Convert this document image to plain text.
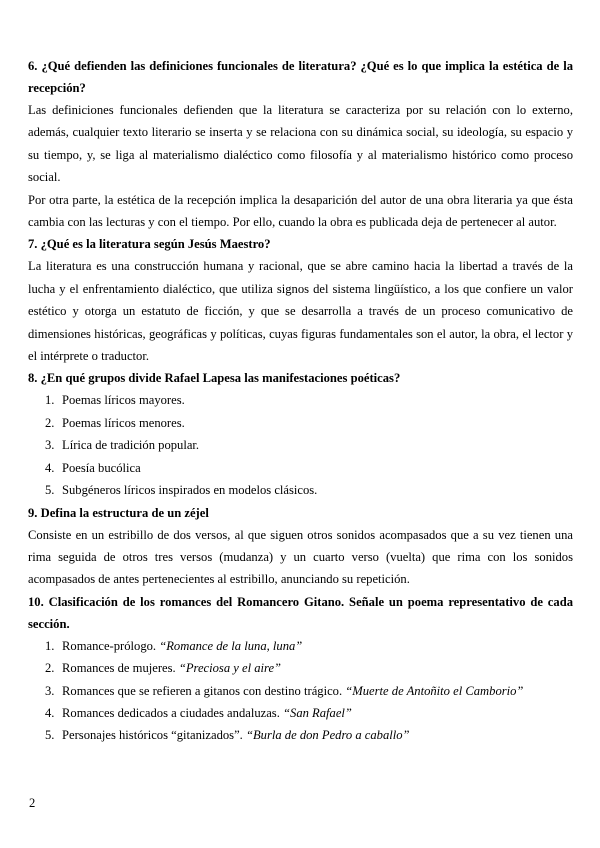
6. ¿Qué defienden las definiciones funcionales de literatura? ¿Qué es lo que implica la estética de la recepción?

Las definiciones funcionales defienden que la literatura se caracteriza por su relación con lo externo, además, cualquier texto literario se inserta y se relaciona con su dinámica social, su ideología, su espacio y su tiempo, y, se liga al materialismo dialéctico como filosofía y al materialismo histórico como proceso social.

Por otra parte, la estética de la recepción implica la desaparición del autor de una obra literaria ya que ésta cambia con las lecturas y con el tiempo. Por ello, cuando la obra es publicada deja de pertenecer al autor.

7. ¿Qué es la literatura según Jesús Maestro?

La literatura es una construcción humana y racional, que se abre camino hacia la libertad a través de la lucha y el enfrentamiento dialéctico, que utiliza signos del sistema lingüístico, a los que confiere un valor estético y otorga un estatuto de ficción, y que se desarrolla a través de un proceso comunicativo de dimensiones históricas, geográficas y políticas, cuyas figuras fundamentales son el autor, la obra, el lector y el intérprete o traductor.

8. ¿En qué grupos divide Rafael Lapesa las manifestaciones poéticas?
1. Poemas líricos mayores.
2. Poemas líricos menores.
3. Lírica de tradición popular.
4. Poesía bucólica
5. Subgéneros líricos inspirados en modelos clásicos.
9. Defina la estructura de un zéjel

Consiste en un estribillo de dos versos, al que siguen otros sonidos acompasados que a su vez tienen una rima seguida de otros tres versos (mudanza) y un cuarto verso (vuelta) que rima con los sonidos acompasados de antes pertenecientes al estribillo, anunciando su repetición.

10. Clasificación de los romances del Romancero Gitano. Señale un poema representativo de cada sección.
1. Romance-prólogo. “Romance de la luna, luna”
2. Romances de mujeres. “Preciosa y el aire”
3. Romances que se refieren a gitanos con destino trágico. “Muerte de Antoñito el Camborio”
4. Romances dedicados a ciudades andaluzas. “San Rafael”
5. Personajes históricos “gitanizados”. “Burla de don Pedro a caballo”
2
